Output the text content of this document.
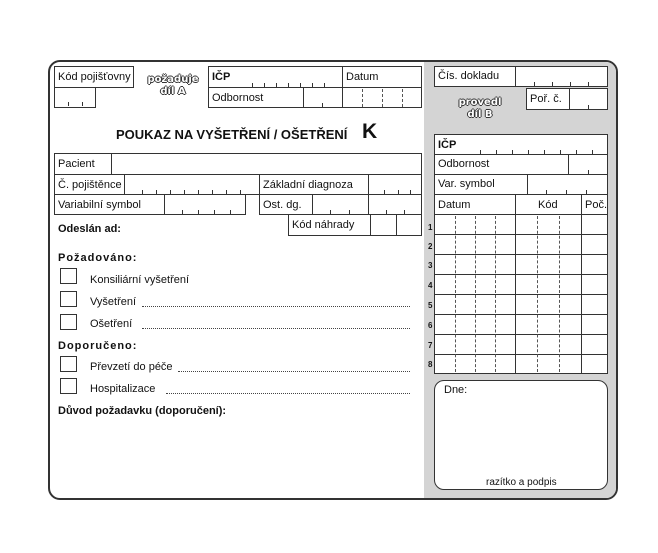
Kód pojišťovny	požaduje
díl A
IČP	Datum
Odbornost
POUKAZ NA VYŠETŘENÍ / OŠETŘENÍ K
Pacient
Č. pojištěnce	Základní diagnoza
Variabilní symbol	Ost. dg.
Odeslán ad:	Kód náhrady
Požadováno:
Konsiliární vyšetření
Vyšetření
Ošetření
Doporučeno:
Převzetí do péče
Hospitalizace
Důvod požadavku (doporučení):
Čís. dokladu
provedl
díl B
Poř. č.
IČP
Odbornost
Var. symbol
Datum	Kód Poč.
1
2
3
4
5
6
7
8
Dne:
razítko a podpis
